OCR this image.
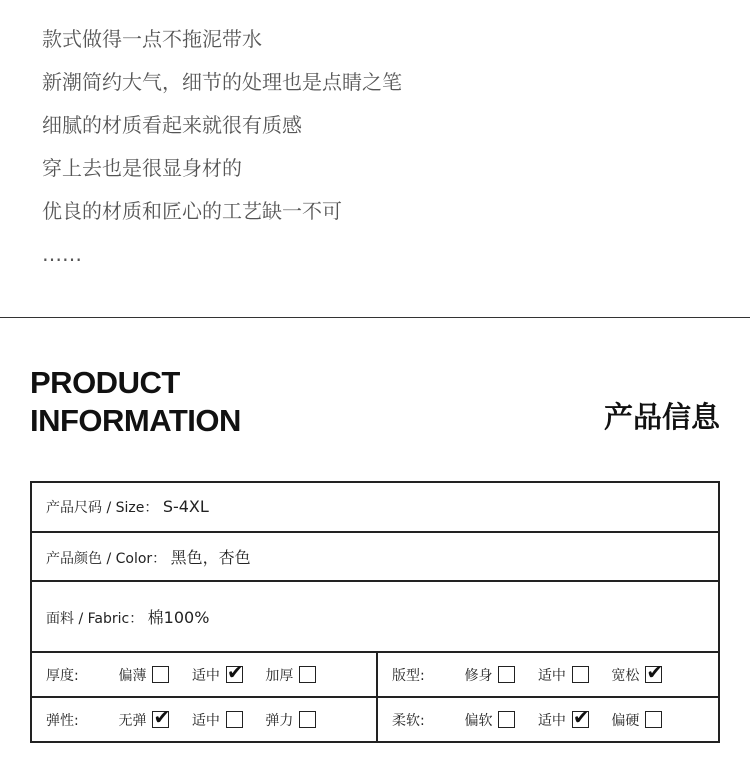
款式做得一点不拖泥带水
新潮简约大气，细节的处理也是点睛之笔
细腻的材质看起来就很有质感
穿上去也是很显身材的
优良的材质和匠心的工艺缺一不可
……
PRODUCT
INFORMATION	产品信息
产品尺码 / Size： S-4XL	
产品颜色 / Color： 黑色，杏色	
面料 / Fabric： 棉100%	
厚度: 偏薄 适中 ✔ 加厚	版型: 修身 适中 宽松✔
弹性: 无弹 ✔ 适中 弹力	柔软: 偏软 适中 ✔ 偏硬
